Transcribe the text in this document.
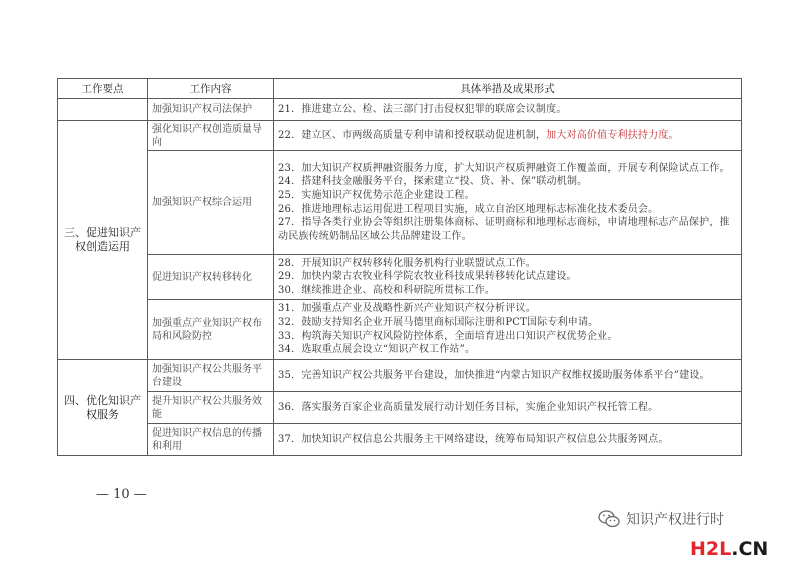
工作要点	工作内容	具体举措及成果形式
	加强知识产权司法保护	21．推进建立公、检、法三部门打击侵权犯罪的联席会议制度。

三、促进知识产权创造运用	强化知识产权创造质量导向	22．建立区、市两级高质量专利申请和授权联动促进机制，加大对高价值专利扶持力度。

	加强知识产权综合运用	23．加大知识产权质押融资服务力度，扩大知识产权质押融资工作覆盖面，开展专利保险试点工作。
24．搭建科技金融服务平台，探索建立“投、贷、补、保”联动机制。
25．实施知识产权优势示范企业建设工程。
26．推进地理标志运用促进工程项目实施，成立自治区地理标志标准化技术委员会。
27．指导各类行业协会等组织注册集体商标、证明商标和地理标志商标，申请地理标志产品保护，推动民族传统奶制品区域公共品牌建设工作。

	促进知识产权转移转化	28．开展知识产权转移转化服务机构行业联盟试点工作。
29．加快内蒙古农牧业科学院农牧业科技成果转移转化试点建设。
30．继续推进企业、高校和科研院所贯标工作。

	加强重点产业知识产权布局和风险防控	31．加强重点产业及战略性新兴产业知识产权分析评议。
32．鼓励支持知名企业开展马德里商标国际注册和PCT国际专利申请。
33．构筑海关知识产权风险防控体系，全面培育进出口知识产权优势企业。
34．选取重点展会设立“知识产权工作站”。

四、优化知识产权服务	加强知识产权公共服务平台建设	35．完善知识产权公共服务平台建设，加快推进“内蒙古知识产权维权援助服务体系平台”建设。

	提升知识产权公共服务效能	36．落实服务百家企业高质量发展行动计划任务目标，实施企业知识产权托管工程。

	促进知识产权信息的传播和利用	37．加快知识产权信息公共服务主干网络建设，统筹布局知识产权信息公共服务网点。
— 10 —
知识产权进行时
H2L.CN
